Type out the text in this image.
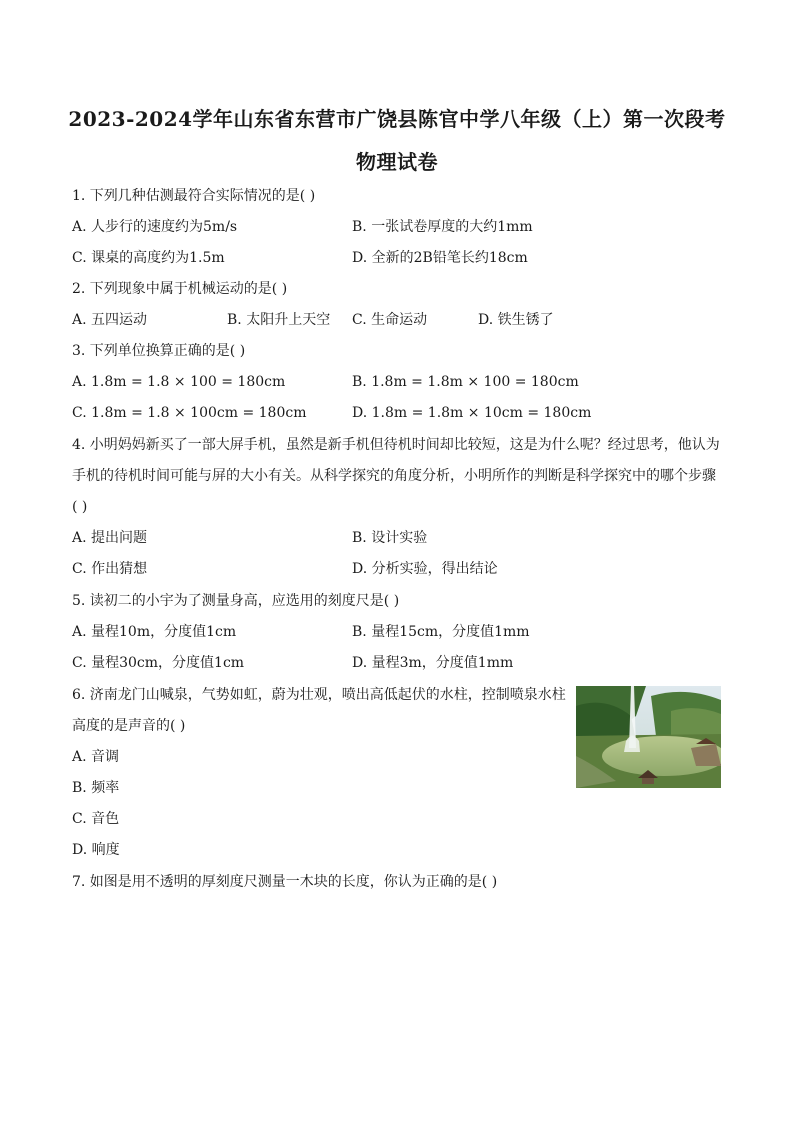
2023-2024学年山东省东营市广饶县陈官中学八年级（上）第一次段考
物理试卷
1. 下列几种估测最符合实际情况的是( )
A. 人步行的速度约为5m/s	B. 一张试卷厚度的大约1mm
C. 课桌的高度约为1.5m	D. 全新的2B铅笔长约18cm
2. 下列现象中属于机械运动的是( )
A. 五四运动	B. 太阳升上天空 C. 生命运动	D. 铁生锈了
3. 下列单位换算正确的是( )
A. 1.8m = 1.8 × 100 = 180cm	B. 1.8m = 1.8m × 100 = 180cm
C. 1.8m = 1.8 × 100cm = 180cm	D. 1.8m = 1.8m × 10cm = 180cm
4. 小明妈妈新买了一部大屏手机，虽然是新手机但待机时间却比较短，这是为什么呢？经过思考，他认为
手机的待机时间可能与屏的大小有关。从科学探究的角度分析，小明所作的判断是科学探究中的哪个步骤
( )
A. 提出问题	B. 设计实验
C. 作出猜想	D. 分析实验，得出结论
5. 读初二的小宇为了测量身高，应选用的刻度尺是( )
A. 量程10m，分度值1cm	B. 量程15cm，分度值1mm
C. 量程30cm，分度值1cm	D. 量程3m，分度值1mm
6. 济南龙门山喊泉，气势如虹，蔚为壮观，喷出高低起伏的水柱，控制喷泉水柱
高度的是声音的( )
A. 音调
B. 频率
C. 音色
D. 响度
7. 如图是用不透明的厚刻度尺测量一木块的长度，你认为正确的是( )
